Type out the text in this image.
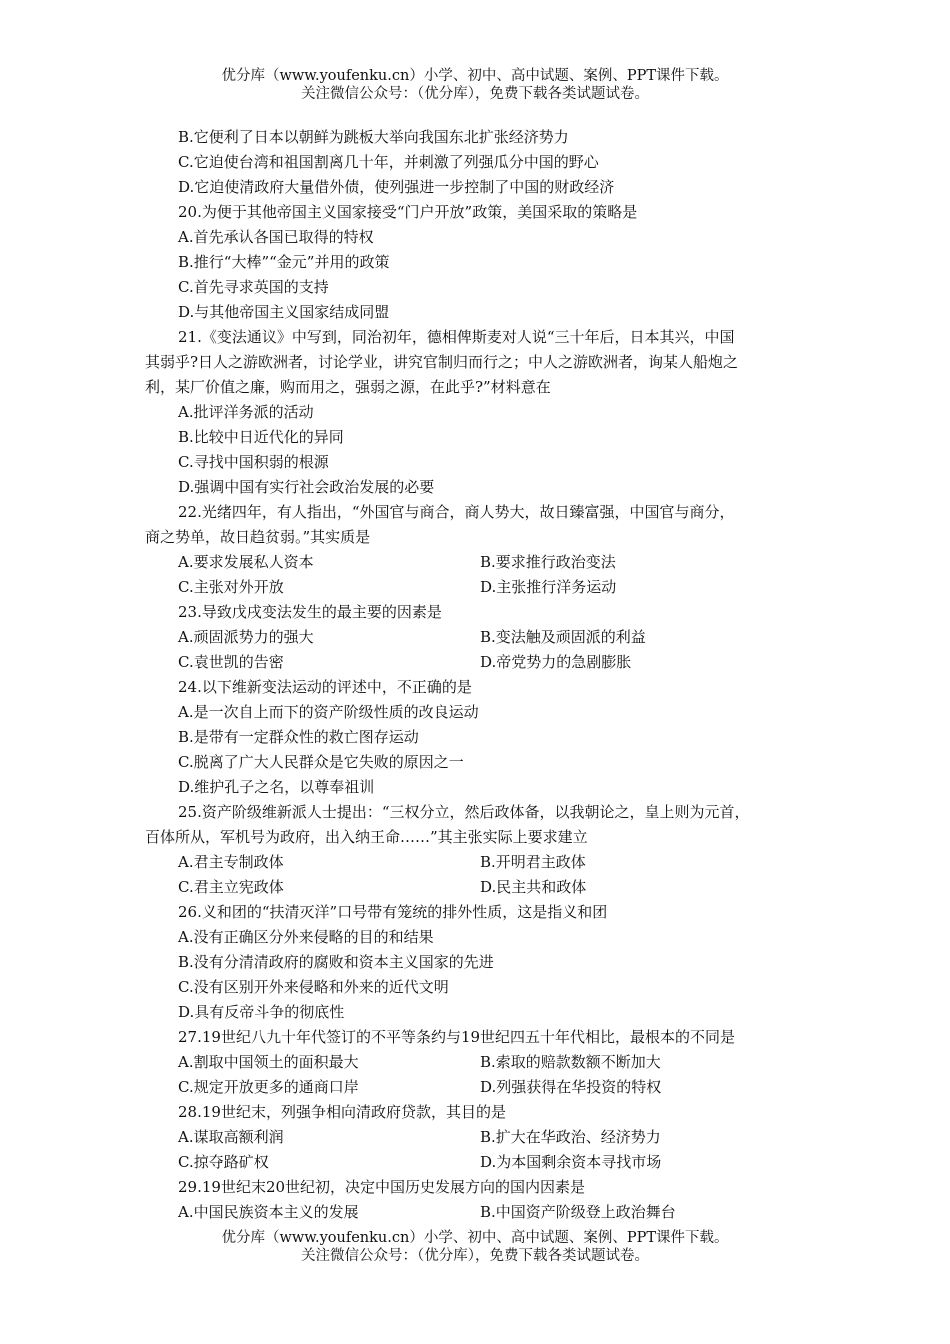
优分库（www.youfenku.cn）小学、初中、高中试题、案例、PPT课件下载。
关注微信公众号：（优分库），免费下载各类试题试卷。
B.它便利了日本以朝鲜为跳板大举向我国东北扩张经济势力
C.它迫使台湾和祖国割离几十年，并刺激了列强瓜分中国的野心
D.它迫使清政府大量借外债，使列强进一步控制了中国的财政经济
20.为便于其他帝国主义国家接受“门户开放”政策，美国采取的策略是
A.首先承认各国已取得的特权
B.推行“大棒”“金元”并用的政策
C.首先寻求英国的支持
D.与其他帝国主义国家结成同盟
21.《变法通议》中写到，同治初年，德相俾斯麦对人说“三十年后，日本其兴，中国
其弱乎?日人之游欧洲者，讨论学业，讲究官制归而行之；中人之游欧洲者，询某人船炮之
利，某厂价值之廉，购而用之，强弱之源，在此乎?”材料意在
A.批评洋务派的活动
B.比较中日近代化的异同
C.寻找中国积弱的根源
D.强调中国有实行社会政治发展的必要
22.光绪四年，有人指出，“外国官与商合，商人势大，故日臻富强，中国官与商分，
商之势单，故日趋贫弱。”其实质是
A.要求发展私人资本	B.要求推行政治变法
C.主张对外开放	D.主张推行洋务运动
23.导致戊戌变法发生的最主要的因素是
A.顽固派势力的强大	B.变法触及顽固派的利益
C.袁世凯的告密	D.帝党势力的急剧膨胀
24.以下维新变法运动的评述中，不正确的是
A.是一次自上而下的资产阶级性质的改良运动
B.是带有一定群众性的救亡图存运动
C.脱离了广大人民群众是它失败的原因之一
D.维护孔子之名，以尊奉祖训
25.资产阶级维新派人士提出：“三权分立，然后政体备，以我朝论之，皇上则为元首，
百体所从，军机号为政府，出入纳王命……”其主张实际上要求建立
A.君主专制政体	B.开明君主政体
C.君主立宪政体	D.民主共和政体
26.义和团的“扶清灭洋”口号带有笼统的排外性质，这是指义和团
A.没有正确区分外来侵略的目的和结果
B.没有分清清政府的腐败和资本主义国家的先进
C.没有区别开外来侵略和外来的近代文明
D.具有反帝斗争的彻底性
27.19世纪八九十年代签订的不平等条约与19世纪四五十年代相比，最根本的不同是
A.割取中国领土的面积最大	B.索取的赔款数额不断加大
C.规定开放更多的通商口岸	D.列强获得在华投资的特权
28.19世纪末，列强争相向清政府贷款，其目的是
A.谋取高额利润	B.扩大在华政治、经济势力
C.掠夺路矿权	D.为本国剩余资本寻找市场
29.19世纪末20世纪初，决定中国历史发展方向的国内因素是
A.中国民族资本主义的发展	B.中国资产阶级登上政治舞台
优分库（www.youfenku.cn）小学、初中、高中试题、案例、PPT课件下载。
关注微信公众号：（优分库），免费下载各类试题试卷。
